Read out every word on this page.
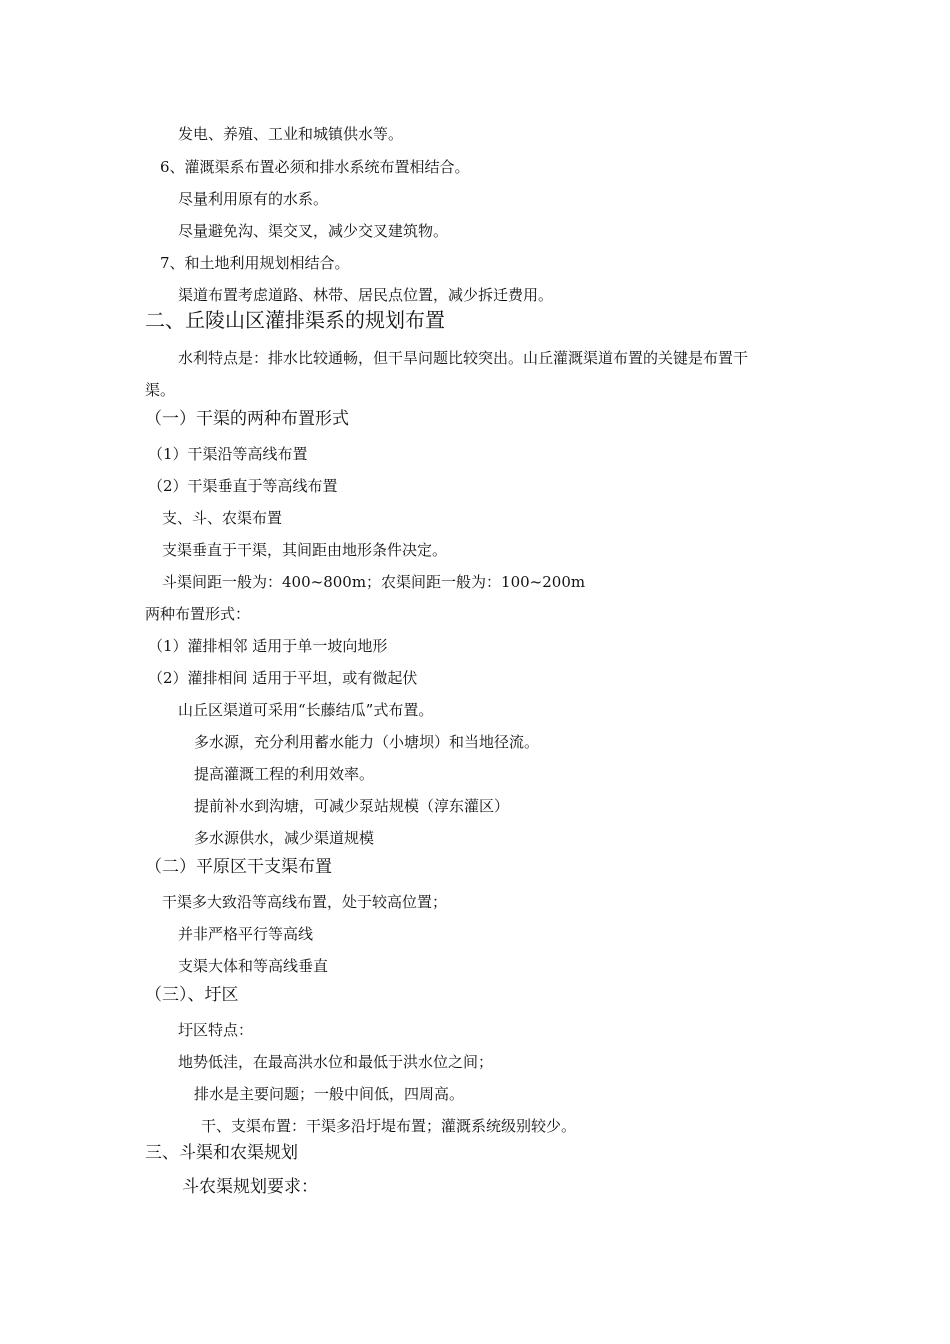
发电、养殖、工业和城镇供水等。
6、灌溉渠系布置必须和排水系统布置相结合。
尽量利用原有的水系。
尽量避免沟、渠交叉，减少交叉建筑物。
7、和土地利用规划相结合。
渠道布置考虑道路、林带、居民点位置，减少拆迁费用。
二、丘陵山区灌排渠系的规划布置
水利特点是：排水比较通畅，但干旱问题比较突出。山丘灌溉渠道布置的关键是布置干
渠。
（一）干渠的两种布置形式
（1）干渠沿等高线布置
（2）干渠垂直于等高线布置
支、斗、农渠布置
支渠垂直于干渠，其间距由地形条件决定。
斗渠间距一般为：400~800m；农渠间距一般为：100~200m
两种布置形式：
（1）灌排相邻 适用于单一坡向地形
（2）灌排相间 适用于平坦，或有微起伏
山丘区渠道可采用“长藤结瓜”式布置。
多水源，充分利用蓄水能力（小塘坝）和当地径流。
提高灌溉工程的利用效率。
提前补水到沟塘，可减少泵站规模（淳东灌区）
多水源供水，减少渠道规模
（二）平原区干支渠布置
干渠多大致沿等高线布置，处于较高位置；
并非严格平行等高线
支渠大体和等高线垂直
（三）、圩区
圩区特点：
地势低洼，在最高洪水位和最低于洪水位之间；
排水是主要问题；一般中间低，四周高。
干、支渠布置：干渠多沿圩堤布置；灌溉系统级别较少。
三、斗渠和农渠规划
斗农渠规划要求：
